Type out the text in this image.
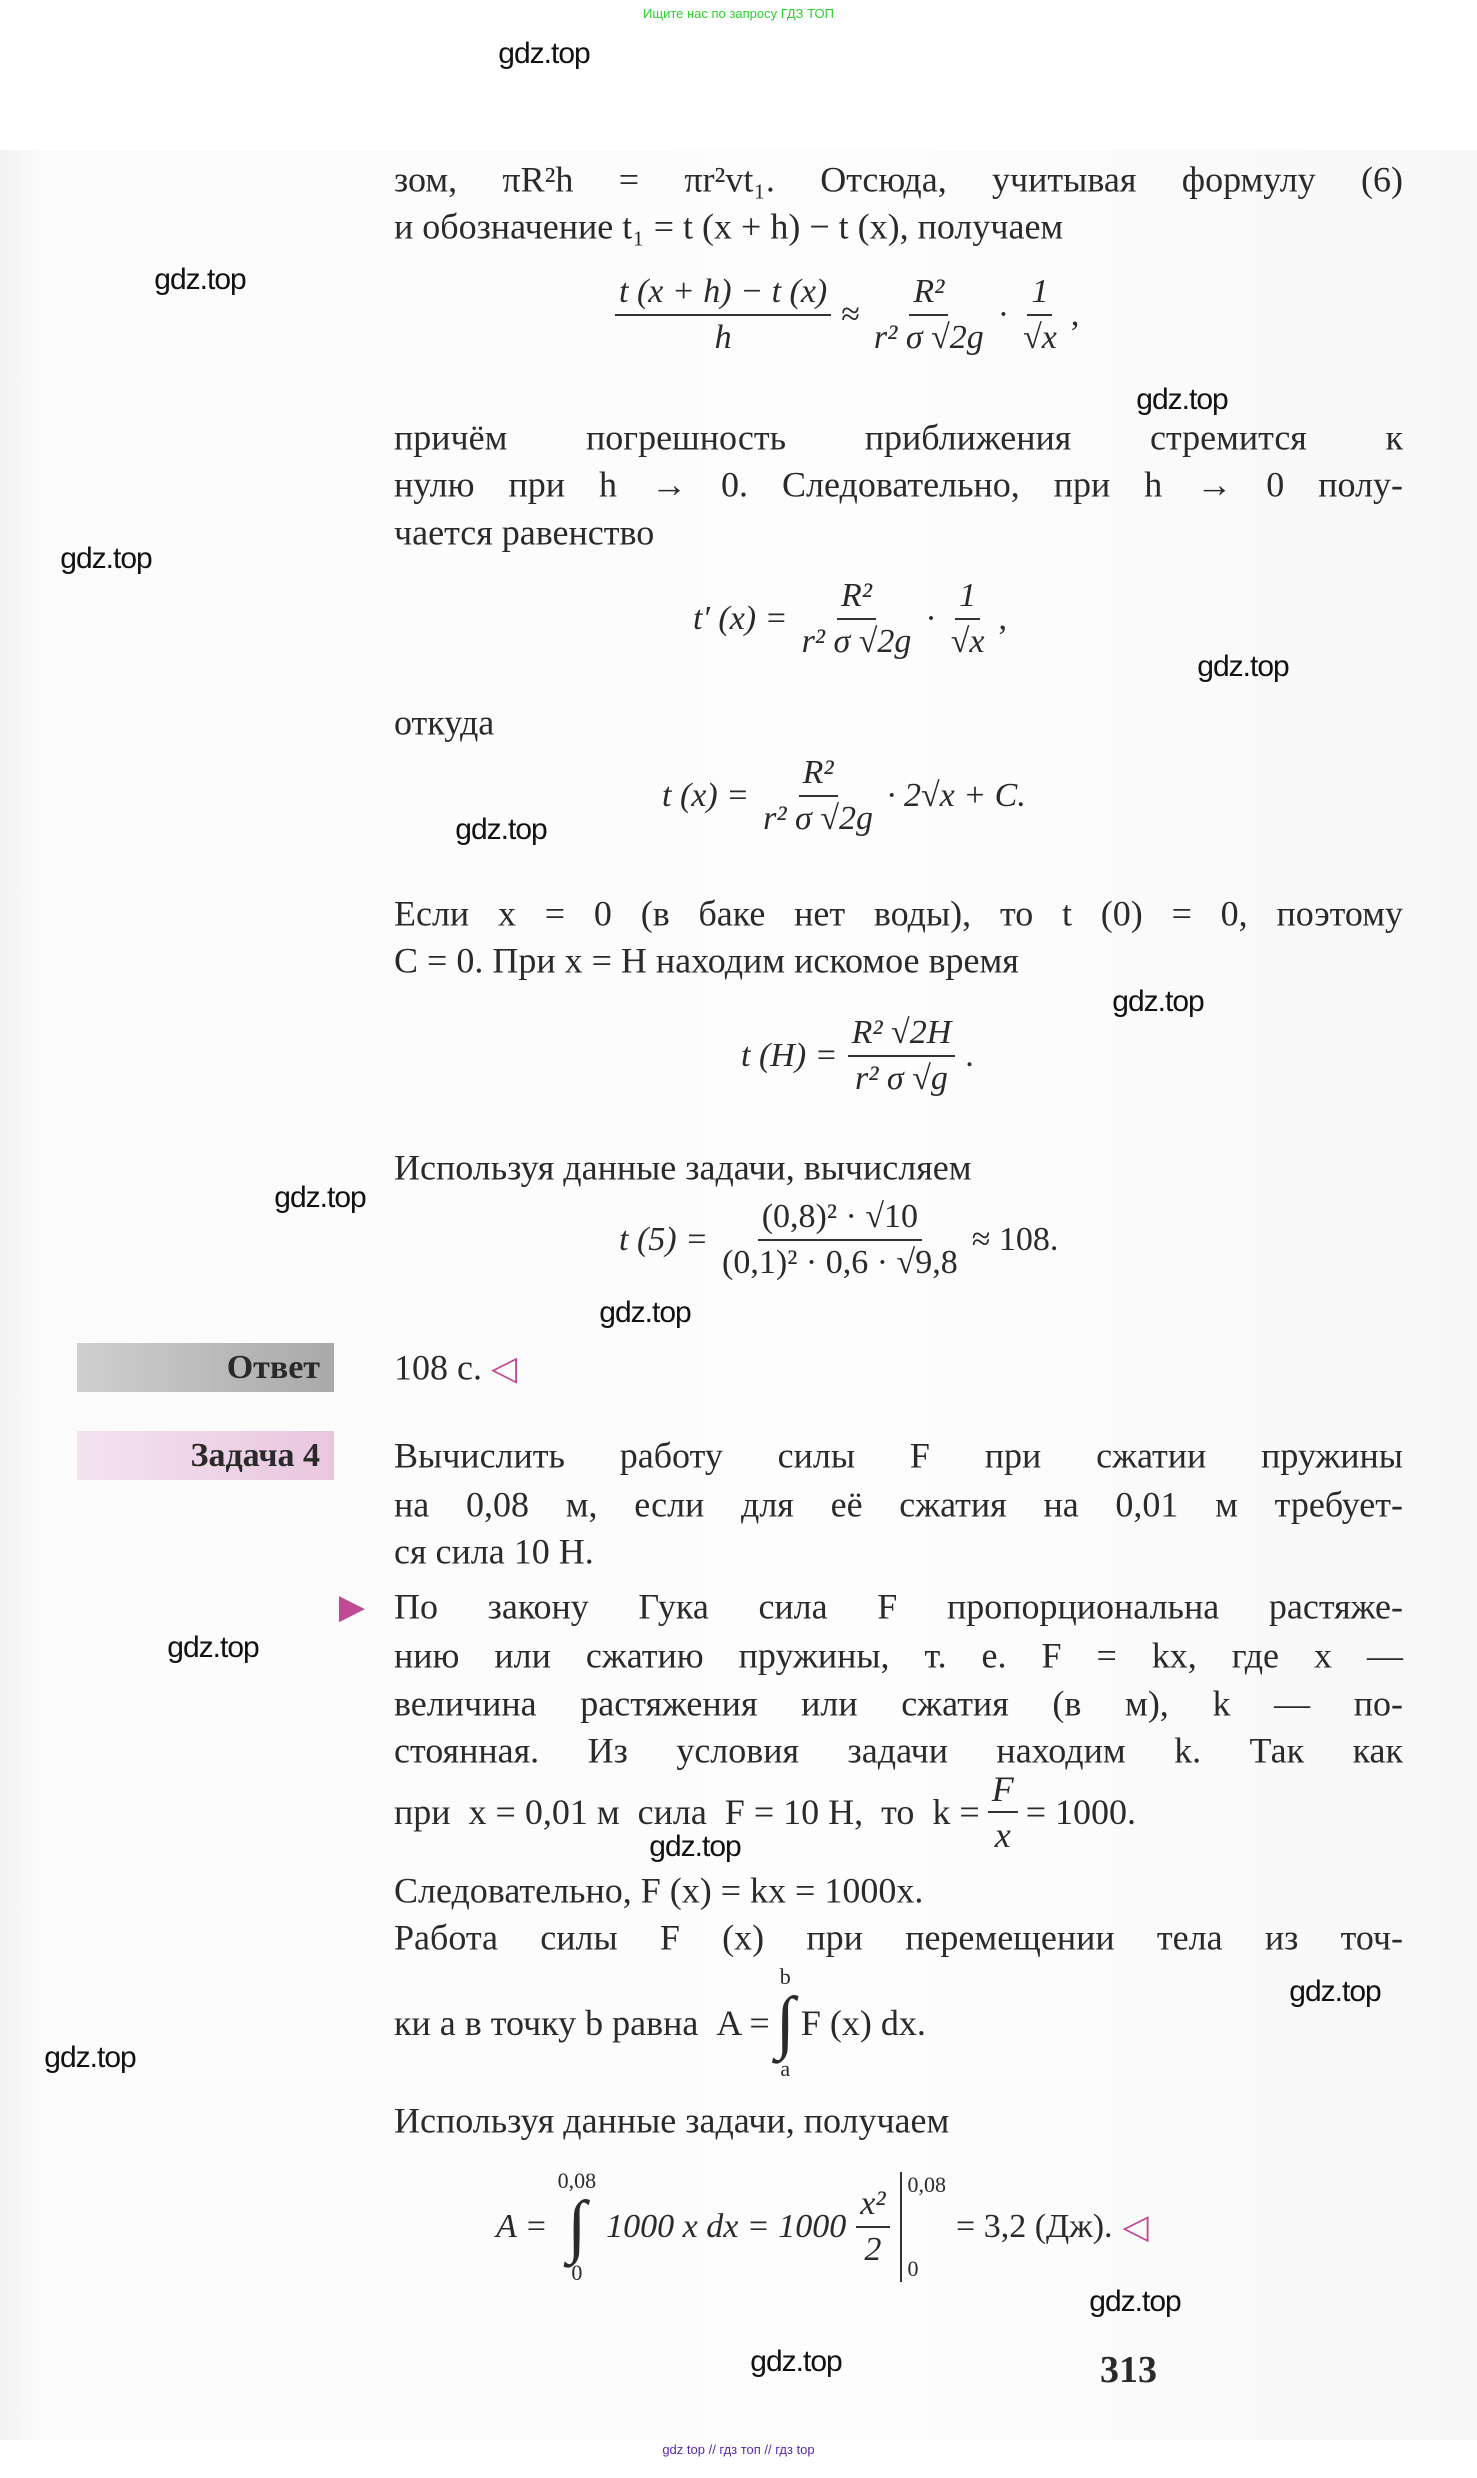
Ищите нас по запросу ГДЗ ТОП
gdz.top
gdz.top
gdz.top
gdz.top
gdz.top
gdz.top
gdz.top
gdz.top
gdz.top
gdz.top
gdz.top
gdz.top
gdz.top
gdz.top
gdz.top
зом, πR²h = πr²vt₁. Отсюда, учитывая формулу (6)
и обозначение t₁ = t (x + h) − t (x), получаем
$\frac{t (x + h) - t (x)}{h} \approx \frac{\text{R²}}{\text{r² σ √2g}} \cdot \frac{1}{√x}$ ,
причём погрешность приближения стремится к
нулю при h → 0. Следовательно, при h → 0 полу-
чается равенство
t′ $(x) = \frac{\text{R²}}{\text{r² σ √2g}} \cdot \frac{1}{√x}$ ,
откуда
t $(x) = \frac{\text{R²}}{\text{r² σ √2g}} \cdot 2√x + C$.
Если x = 0 (в баке нет воды), то t (0) = 0, поэтому
C = 0. При x = H находим искомое время
t $(H) = \frac{\text{R² √2H}}{\text{r² σ √g}}$ .
Используя данные задачи, вычисляем
t $(5) = \frac{\text{(0,8)² · √10}}{\text{(0,1)² · 0,6 · √9,8}} \approx 108$.
Ответ	108 с. ◁
Задача 4	Вычислить работу силы F при сжатии пружины
на 0,08 м, если для её сжатия на 0,01 м требует-
ся сила 10 Н.
▶ По закону Гука сила F пропорциональна растяже-
нию или сжатию пружины, т. е. F = kx, где x —
величина растяжения или сжатия (в м), k — по-
стоянная. Из условия задачи находим k. Так как
при  x = 0,01 м  сила  F = 10 Н,  то  $k = \frac{F}{x} = 1000$.
Следовательно, F (x) = kx = 1000x.
Работа силы F (x) при перемещении тела из точ-
ки a в точку b равна  A =
b
∫
a
F (x) dx.
Используя данные задачи, получаем
A =
0,08
∫
0
1000 x dx = $1000 \frac{\text{x²}}{2} 0,08$
0
= 3,2 (Дж). ◁
313
gdz top // гдз топ // гдз top
